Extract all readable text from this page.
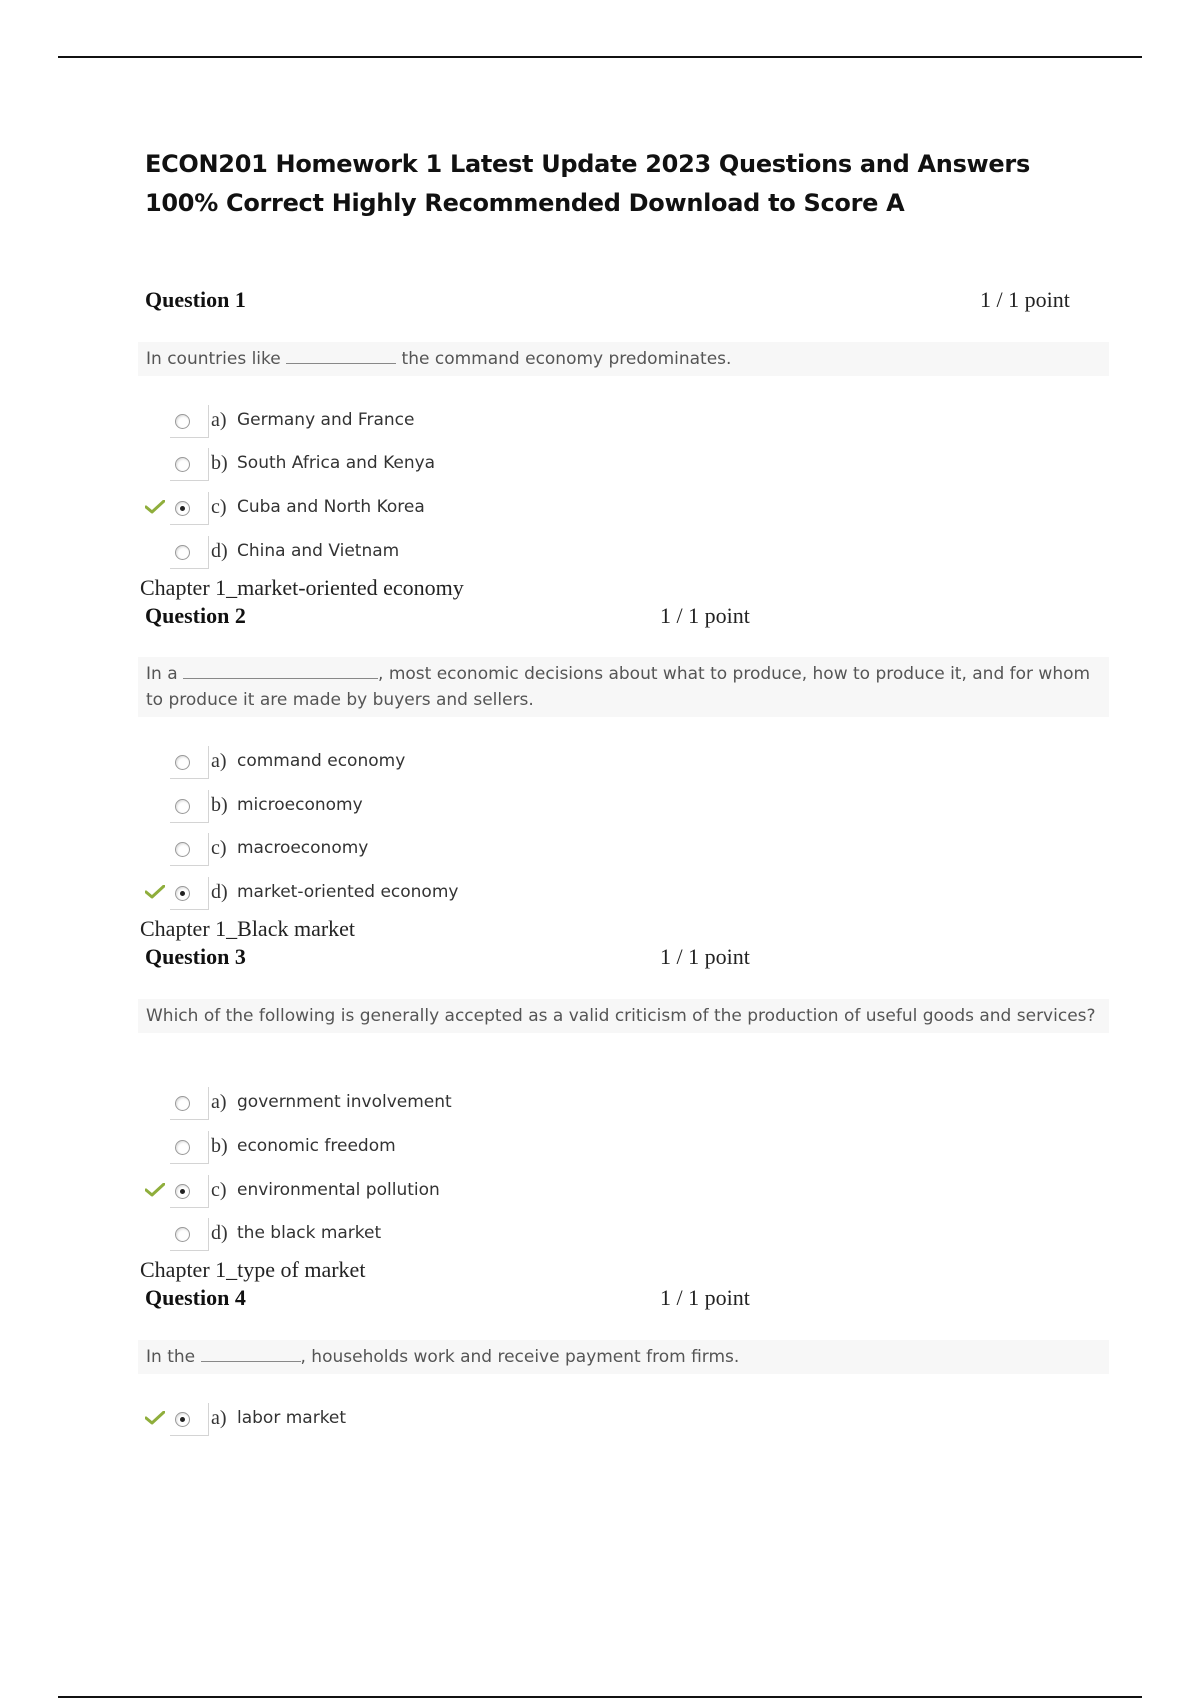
ECON201 Homework 1 Latest Update 2023 Questions and Answers 100% Correct Highly Recommended Download to Score A
Question 1	1 / 1 point
In countries like	the command economy predominates.
a) Germany and France
b) South Africa and Kenya
c) Cuba and North Korea
d) China and Vietnam
Chapter 1_market-oriented economy
Question 2	1 / 1 point
In a	, most economic decisions about what to produce, how to produce it, and for whom to produce it are made by buyers and sellers.
a) command economy
b) microeconomy
c) macroeconomy
d) market-oriented economy
Chapter 1_Black market
Question 3	1 / 1 point
Which of the following is generally accepted as a valid criticism of the production of useful goods and services?
a) government involvement
b) economic freedom
c) environmental pollution
d) the black market
Chapter 1_type of market
Question 4	1 / 1 point
In the	, households work and receive payment from firms.
a) labor market
